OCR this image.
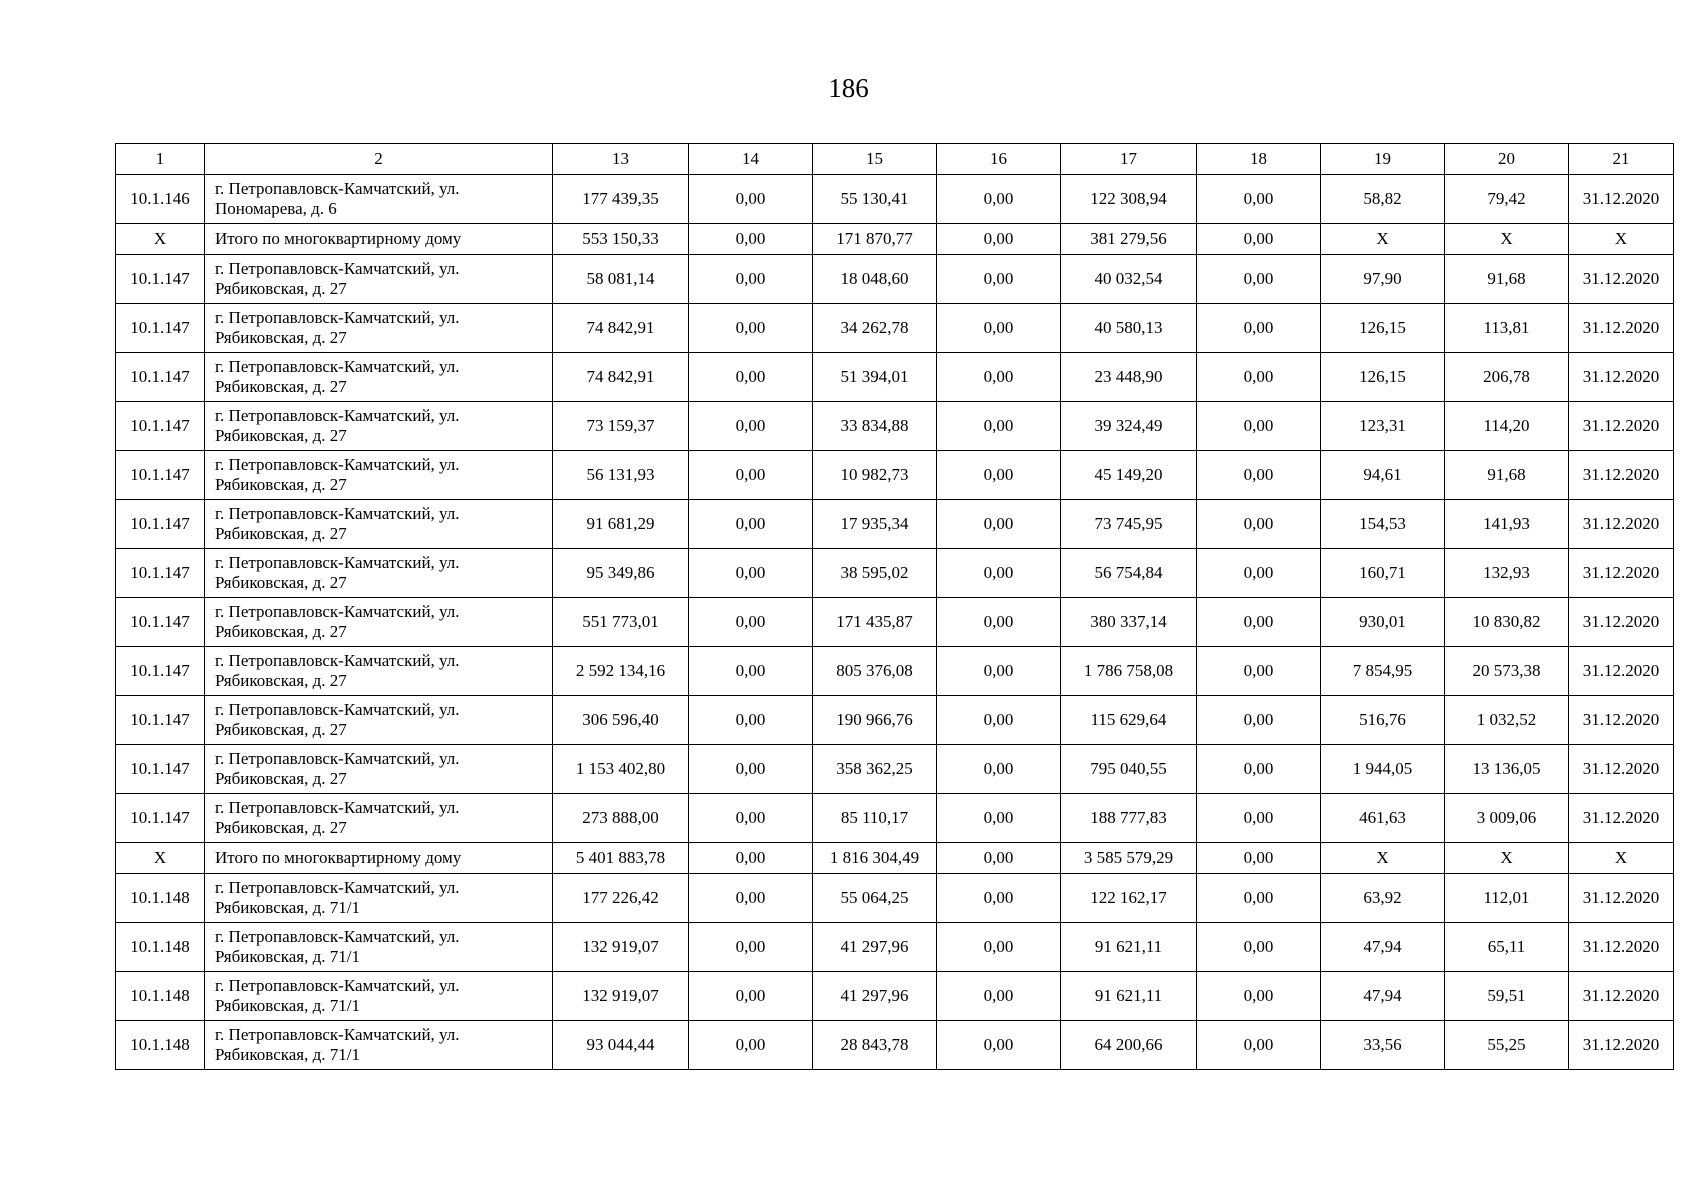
186
1	2	13	14	15	16	17	18	19	20	21
10.1.146	г. Петропавловск-Камчатский, ул.
Пономарева, д. 6	177 439,35	0,00	55 130,41	0,00	122 308,94	0,00	58,82	79,42	31.12.2020
X	Итого по многоквартирному дому	553 150,33	0,00	171 870,77	0,00	381 279,56	0,00	X	X	X
10.1.147	г. Петропавловск-Камчатский, ул.
Рябиковская, д. 27	58 081,14	0,00	18 048,60	0,00	40 032,54	0,00	97,90	91,68	31.12.2020
10.1.147	г. Петропавловск-Камчатский, ул.
Рябиковская, д. 27	74 842,91	0,00	34 262,78	0,00	40 580,13	0,00	126,15	113,81	31.12.2020
10.1.147	г. Петропавловск-Камчатский, ул.
Рябиковская, д. 27	74 842,91	0,00	51 394,01	0,00	23 448,90	0,00	126,15	206,78	31.12.2020
10.1.147	г. Петропавловск-Камчатский, ул.
Рябиковская, д. 27	73 159,37	0,00	33 834,88	0,00	39 324,49	0,00	123,31	114,20	31.12.2020
10.1.147	г. Петропавловск-Камчатский, ул.
Рябиковская, д. 27	56 131,93	0,00	10 982,73	0,00	45 149,20	0,00	94,61	91,68	31.12.2020
10.1.147	г. Петропавловск-Камчатский, ул.
Рябиковская, д. 27	91 681,29	0,00	17 935,34	0,00	73 745,95	0,00	154,53	141,93	31.12.2020
10.1.147	г. Петропавловск-Камчатский, ул.
Рябиковская, д. 27	95 349,86	0,00	38 595,02	0,00	56 754,84	0,00	160,71	132,93	31.12.2020
10.1.147	г. Петропавловск-Камчатский, ул.
Рябиковская, д. 27	551 773,01	0,00	171 435,87	0,00	380 337,14	0,00	930,01	10 830,82	31.12.2020
10.1.147	г. Петропавловск-Камчатский, ул.
Рябиковская, д. 27	2 592 134,16	0,00	805 376,08	0,00	1 786 758,08	0,00	7 854,95	20 573,38	31.12.2020
10.1.147	г. Петропавловск-Камчатский, ул.
Рябиковская, д. 27	306 596,40	0,00	190 966,76	0,00	115 629,64	0,00	516,76	1 032,52	31.12.2020
10.1.147	г. Петропавловск-Камчатский, ул.
Рябиковская, д. 27	1 153 402,80	0,00	358 362,25	0,00	795 040,55	0,00	1 944,05	13 136,05	31.12.2020
10.1.147	г. Петропавловск-Камчатский, ул.
Рябиковская, д. 27	273 888,00	0,00	85 110,17	0,00	188 777,83	0,00	461,63	3 009,06	31.12.2020
X	Итого по многоквартирному дому	5 401 883,78	0,00	1 816 304,49	0,00	3 585 579,29	0,00	X	X	X
10.1.148	г. Петропавловск-Камчатский, ул.
Рябиковская, д. 71/1	177 226,42	0,00	55 064,25	0,00	122 162,17	0,00	63,92	112,01	31.12.2020
10.1.148	г. Петропавловск-Камчатский, ул.
Рябиковская, д. 71/1	132 919,07	0,00	41 297,96	0,00	91 621,11	0,00	47,94	65,11	31.12.2020
10.1.148	г. Петропавловск-Камчатский, ул.
Рябиковская, д. 71/1	132 919,07	0,00	41 297,96	0,00	91 621,11	0,00	47,94	59,51	31.12.2020
10.1.148	г. Петропавловск-Камчатский, ул.
Рябиковская, д. 71/1	93 044,44	0,00	28 843,78	0,00	64 200,66	0,00	33,56	55,25	31.12.2020
